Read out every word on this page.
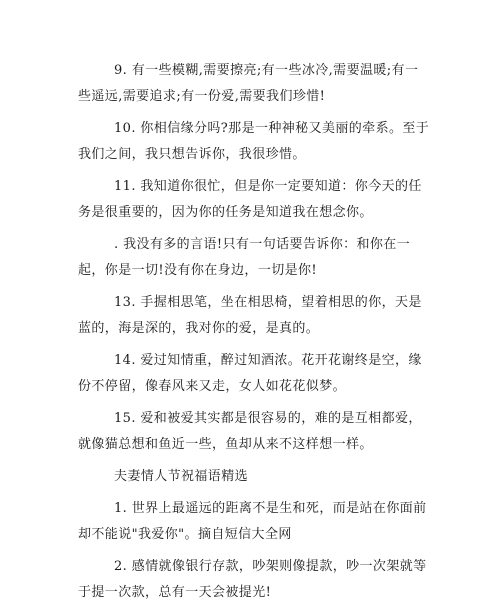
9. 有一些模糊,需要擦亮;有一些冰冷,需要温暖;有一些遥远,需要追求;有一份爱,需要我们珍惜!

10. 你相信缘分吗?那是一种神秘又美丽的牵系。至于我们之间，我只想告诉你，我很珍惜。

11. 我知道你很忙，但是你一定要知道：你今天的任务是很重要的，因为你的任务是知道我在想念你。

. 我没有多的言语!只有一句话要告诉你：和你在一起，你是一切!没有你在身边，一切是你!

13. 手握相思笔，坐在相思椅，望着相思的你，天是蓝的，海是深的，我对你的爱，是真的。

14. 爱过知情重，醉过知酒浓。花开花谢终是空，缘份不停留，像春风来又走，女人如花花似梦。

15. 爱和被爱其实都是很容易的，难的是互相都爱，就像猫总想和鱼近一些，鱼却从来不这样想一样。

夫妻情人节祝福语精选

1. 世界上最遥远的距离不是生和死，而是站在你面前却不能说"我爱你"。摘自短信大全网

2. 感情就像银行存款，吵架则像提款，吵一次架就等于提一次款，总有一天会被提光!
